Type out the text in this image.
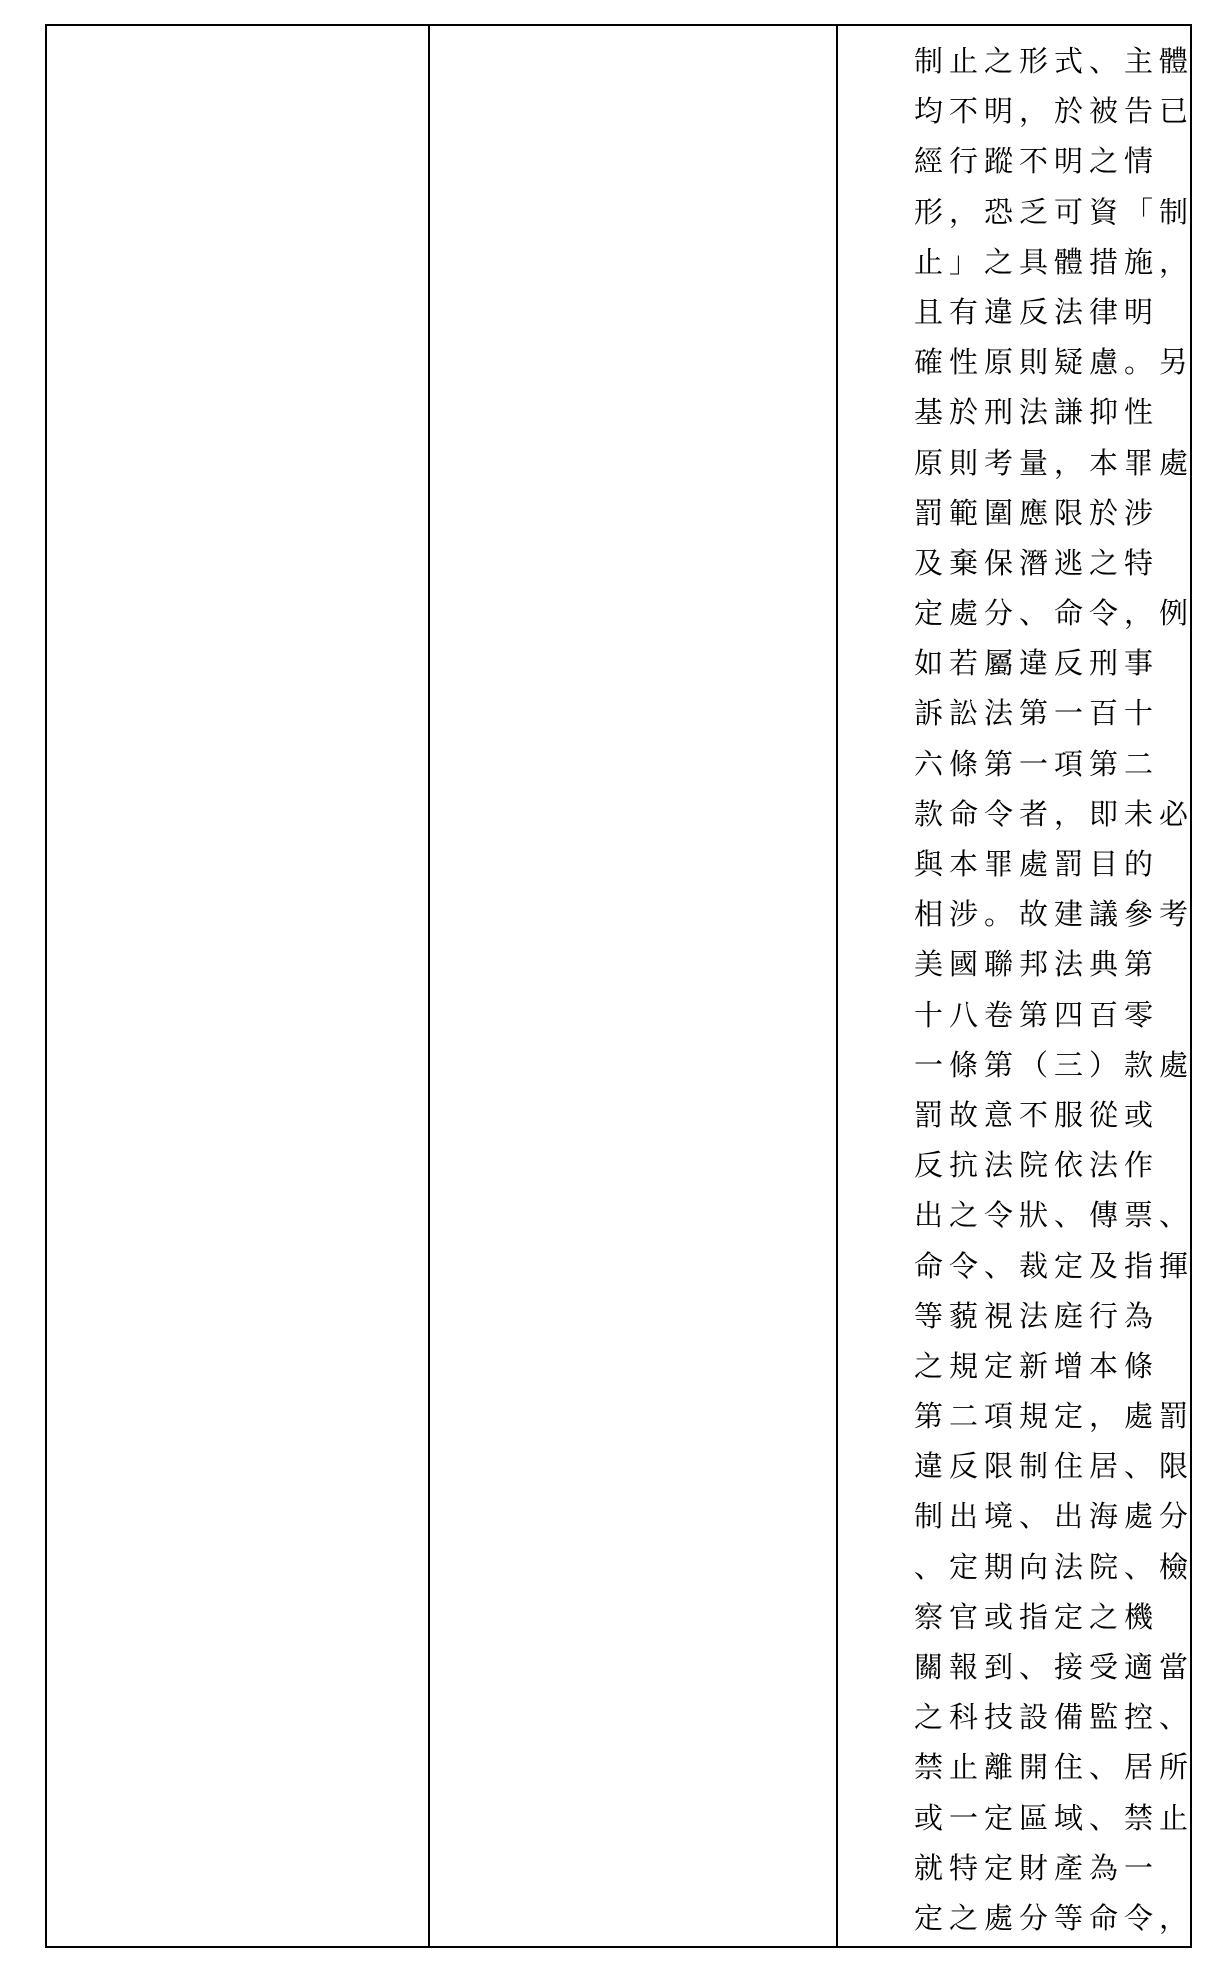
制止之形式、主體
均不明，於被告已
經行蹤不明之情
形，恐乏可資「制
止」之具體措施，
且有違反法律明
確性原則疑慮。另
基於刑法謙抑性
原則考量，本罪處
罰範圍應限於涉
及棄保潛逃之特
定處分、命令，例
如若屬違反刑事
訴訟法第一百十
六條第一項第二
款命令者，即未必
與本罪處罰目的
相涉。故建議參考
美國聯邦法典第
十八卷第四百零
一條第（三）款處
罰故意不服從或
反抗法院依法作
出之令狀、傳票、
命令、裁定及指揮
等藐視法庭行為
之規定新增本條
第二項規定，處罰
違反限制住居、限
制出境、出海處分
、定期向法院、檢
察官或指定之機
關報到、接受適當
之科技設備監控、
禁止離開住、居所
或一定區域、禁止
就特定財產為一
定之處分等命令，
